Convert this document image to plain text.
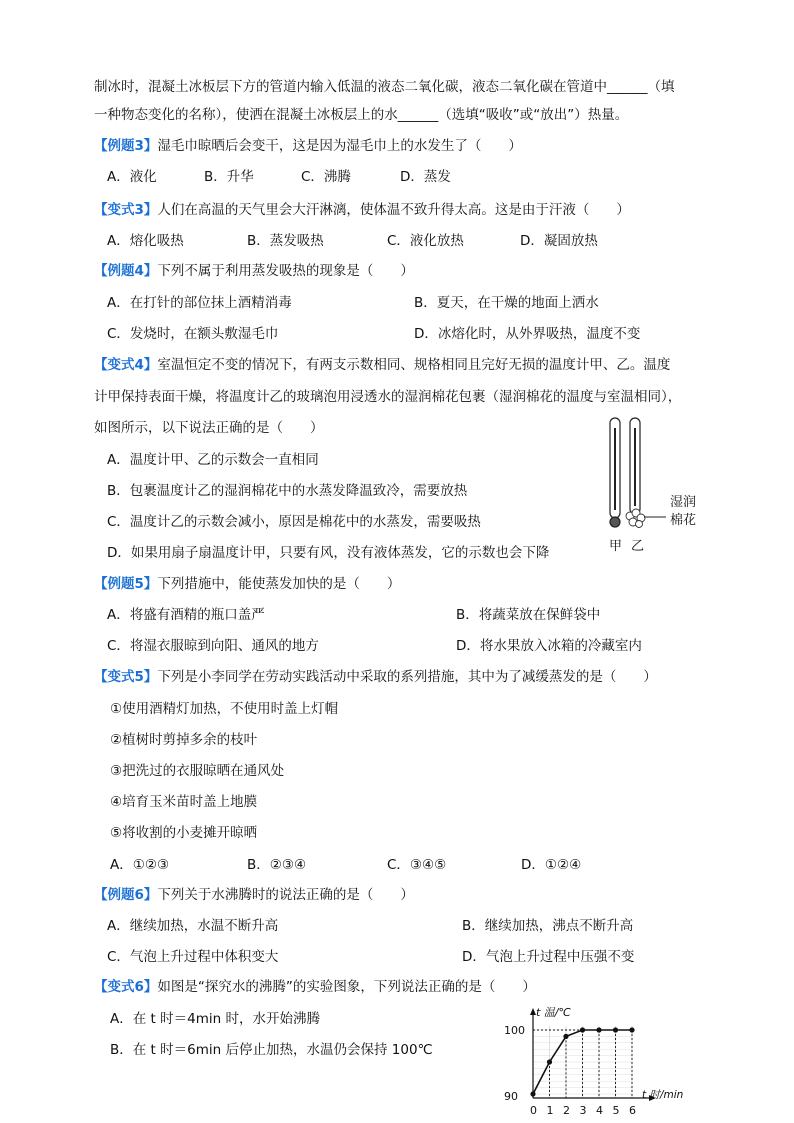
制冰时，混凝土冰板层下方的管道内输入低温的液态二氧化碳，液态二氧化碳在管道中______（填
一种物态变化的名称），使洒在混凝土冰板层上的水______（选填“吸收”或“放出”）热量。
【例题3】湿毛巾晾晒后会变干，这是因为湿毛巾上的水发生了（　　）
A．液化	B．升华	C．沸腾	D．蒸发
【变式3】人们在高温的天气里会大汗淋漓，使体温不致升得太高。这是由于汗液（　　）
A．熔化吸热	B．蒸发吸热	C．液化放热	D．凝固放热
【例题4】下列不属于利用蒸发吸热的现象是（　　）
A．在打针的部位抹上酒精消毒	B．夏天，在干燥的地面上洒水
C．发烧时，在额头敷湿毛巾	D．冰熔化时，从外界吸热，温度不变
【变式4】室温恒定不变的情况下，有两支示数相同、规格相同且完好无损的温度计甲、乙。温度
计甲保持表面干燥，将温度计乙的玻璃泡用浸透水的湿润棉花包裹（湿润棉花的温度与室温相同），
如图所示，以下说法正确的是（　　）
A．温度计甲、乙的示数会一直相同
B．包裹温度计乙的湿润棉花中的水蒸发降温致冷，需要放热
C．温度计乙的示数会减小，原因是棉花中的水蒸发，需要吸热
D．如果用扇子扇温度计甲，只要有风，没有液体蒸发，它的示数也会下降
湿润
棉花
甲 乙
【例题5】下列措施中，能使蒸发加快的是（　　）
A．将盛有酒精的瓶口盖严	B．将蔬菜放在保鲜袋中
C．将湿衣服晾到向阳、通风的地方	D．将水果放入冰箱的冷藏室内
【变式5】下列是小李同学在劳动实践活动中采取的系列措施，其中为了减缓蒸发的是（　　）
①使用酒精灯加热，不使用时盖上灯帽
②植树时剪掉多余的枝叶
③把洗过的衣服晾晒在通风处
④培育玉米苗时盖上地膜
⑤将收割的小麦摊开晾晒
A．①②③	B．②③④	C．③④⑤	D．①②④
【例题6】下列关于水沸腾时的说法正确的是（　　）
A．继续加热，水温不断升高	B．继续加热，沸点不断升高
C．气泡上升过程中体积变大	D．气泡上升过程中压强不变
【变式6】如图是“探究水的沸腾”的实验图象，下列说法正确的是（　　）
A．在 t 时＝4min 时，水开始沸腾
B．在 t 时＝6min 后停止加热，水温仍会保持 100℃
t 温/℃
t 时/min
0 1 2 3 4 5 6
90
100
